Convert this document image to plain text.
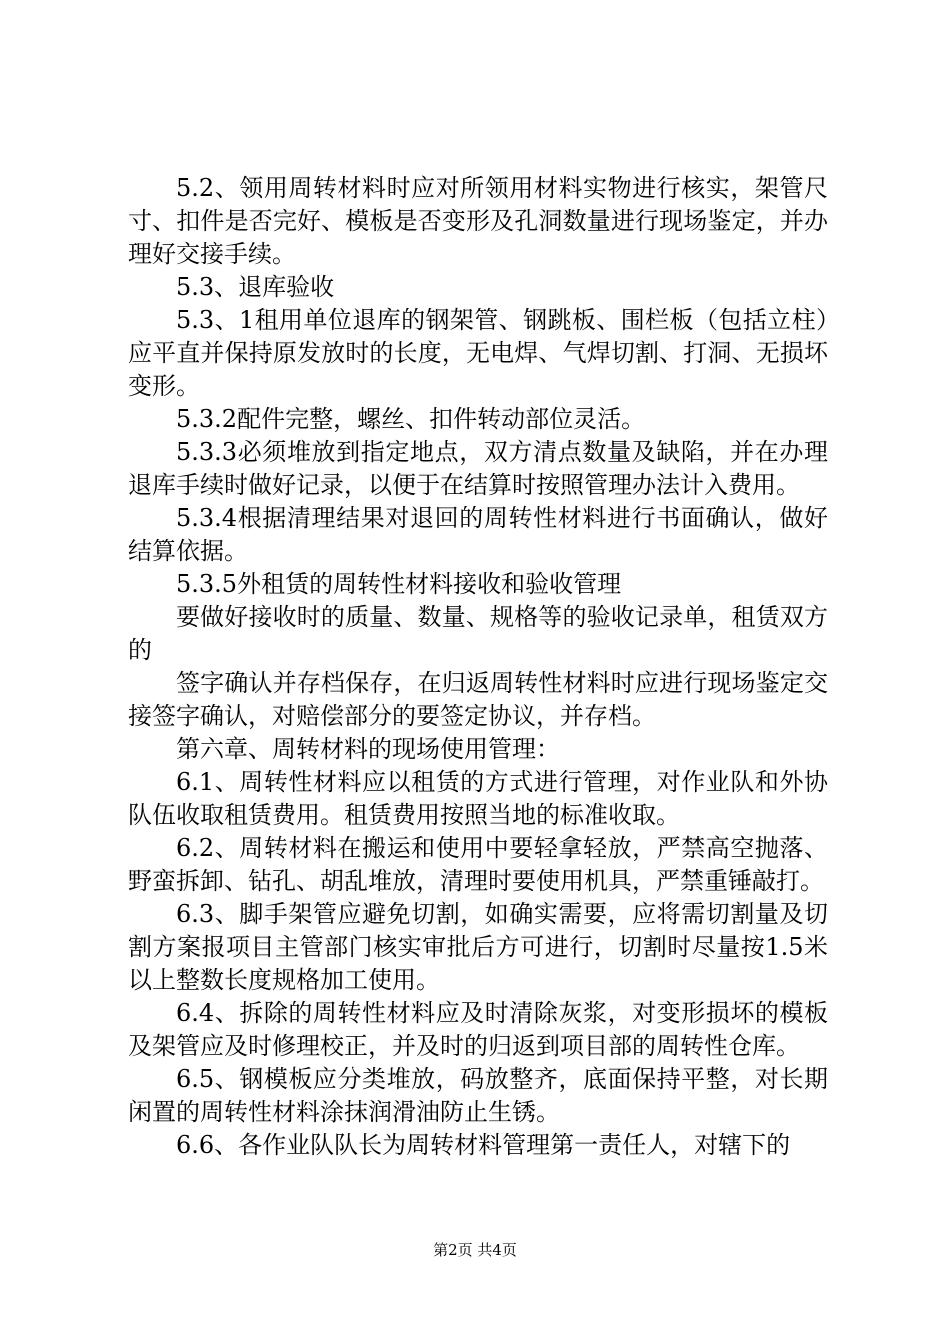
5.2、领用周转材料时应对所领用材料实物进行核实，架管尺寸、扣件是否完好、模板是否变形及孔洞数量进行现场鉴定，并办理好交接手续。

5.3、退库验收

5.3、1租用单位退库的钢架管、钢跳板、围栏板（包括立柱）应平直并保持原发放时的长度，无电焊、气焊切割、打洞、无损坏变形。

5.3.2配件完整，螺丝、扣件转动部位灵活。

5.3.3必须堆放到指定地点，双方清点数量及缺陷，并在办理退库手续时做好记录，以便于在结算时按照管理办法计入费用。

5.3.4根据清理结果对退回的周转性材料进行书面确认，做好结算依据。

5.3.5外租赁的周转性材料接收和验收管理

要做好接收时的质量、数量、规格等的验收记录单，租赁双方的

签字确认并存档保存，在归返周转性材料时应进行现场鉴定交接签字确认，对赔偿部分的要签定协议，并存档。

第六章、周转材料的现场使用管理：

6.1、周转性材料应以租赁的方式进行管理，对作业队和外协队伍收取租赁费用。租赁费用按照当地的标准收取。

6.2、周转材料在搬运和使用中要轻拿轻放，严禁高空抛落、野蛮拆卸、钻孔、胡乱堆放，清理时要使用机具，严禁重锤敲打。

6.3、脚手架管应避免切割，如确实需要，应将需切割量及切割方案报项目主管部门核实审批后方可进行，切割时尽量按1.5米以上整数长度规格加工使用。

6.4、拆除的周转性材料应及时清除灰浆，对变形损坏的模板及架管应及时修理校正，并及时的归返到项目部的周转性仓库。

6.5、钢模板应分类堆放，码放整齐，底面保持平整，对长期闲置的周转性材料涂抹润滑油防止生锈。

6.6、各作业队队长为周转材料管理第一责任人，对辖下的

第2页 共4页
